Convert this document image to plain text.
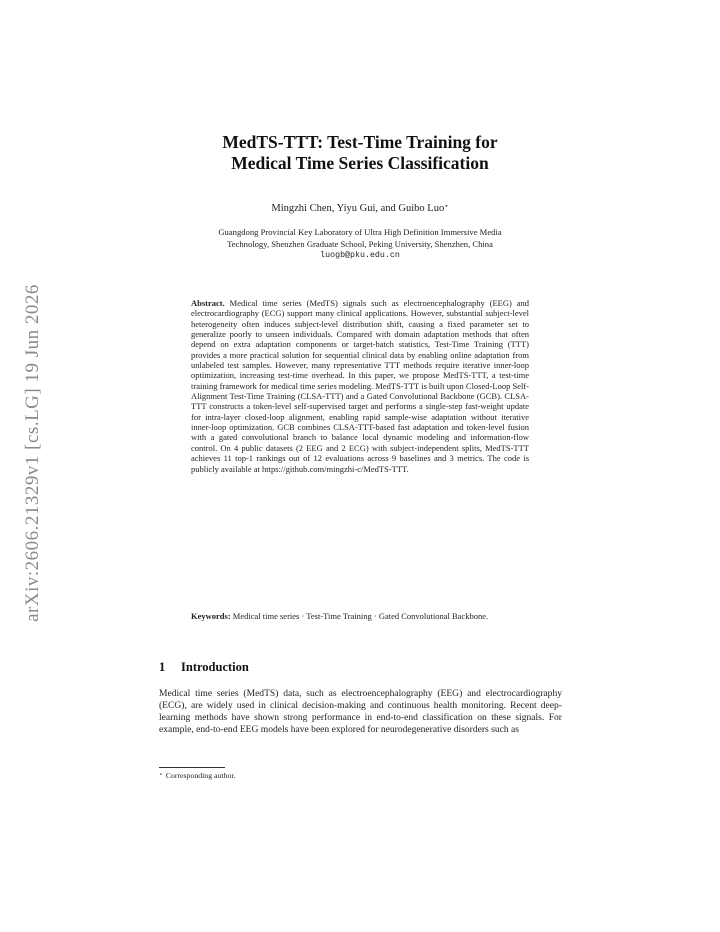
arXiv:2606.21329v1 [cs.LG] 19 Jun 2026
MedTS-TTT: Test-Time Training for
Medical Time Series Classification
Mingzhi Chen, Yiyu Gui, and Guibo Luo⋆
Guangdong Provincial Key Laboratory of Ultra High Definition Immersive Media
Technology, Shenzhen Graduate School, Peking University, Shenzhen, China
luogb@pku.edu.cn
Abstract. Medical time series (MedTS) signals such as electroencephalography (EEG) and electrocardiography (ECG) support many clinical applications. However, substantial subject-level heterogeneity often induces subject-level distribution shift, causing a fixed parameter set to generalize poorly to unseen individuals. Compared with domain adaptation methods that often depend on extra adaptation components or target-batch statistics, Test-Time Training (TTT) provides a more practical solution for sequential clinical data by enabling online adaptation from unlabeled test samples. However, many representative TTT methods require iterative inner-loop optimization, increasing test-time overhead. In this paper, we propose MedTS-TTT, a test-time training framework for medical time series modeling. MedTS-TTT is built upon Closed-Loop Self-Alignment Test-Time Training (CLSA-TTT) and a Gated Convolutional Backbone (GCB). CLSA-TTT constructs a token-level self-supervised target and performs a single-step fast-weight update for intra-layer closed-loop alignment, enabling rapid sample-wise adaptation without iterative inner-loop optimization. GCB combines CLSA-TTT-based fast adaptation and token-level fusion with a gated convolutional branch to balance local dynamic modeling and information-flow control. On 4 public datasets (2 EEG and 2 ECG) with subject-independent splits, MedTS-TTT achieves 11 top-1 rankings out of 12 evaluations across 9 baselines and 3 metrics. The code is publicly available at https://github.com/mingzhi-c/MedTS-TTT.
Keywords: Medical time series · Test-Time Training · Gated Convolutional Backbone.
1 Introduction
Medical time series (MedTS) data, such as electroencephalography (EEG) and electrocardiography (ECG), are widely used in clinical decision-making and continuous health monitoring. Recent deep-learning methods have shown strong performance in end-to-end classification on these signals. For example, end-to-end EEG models have been explored for neurodegenerative disorders such as
⋆ Corresponding author.
